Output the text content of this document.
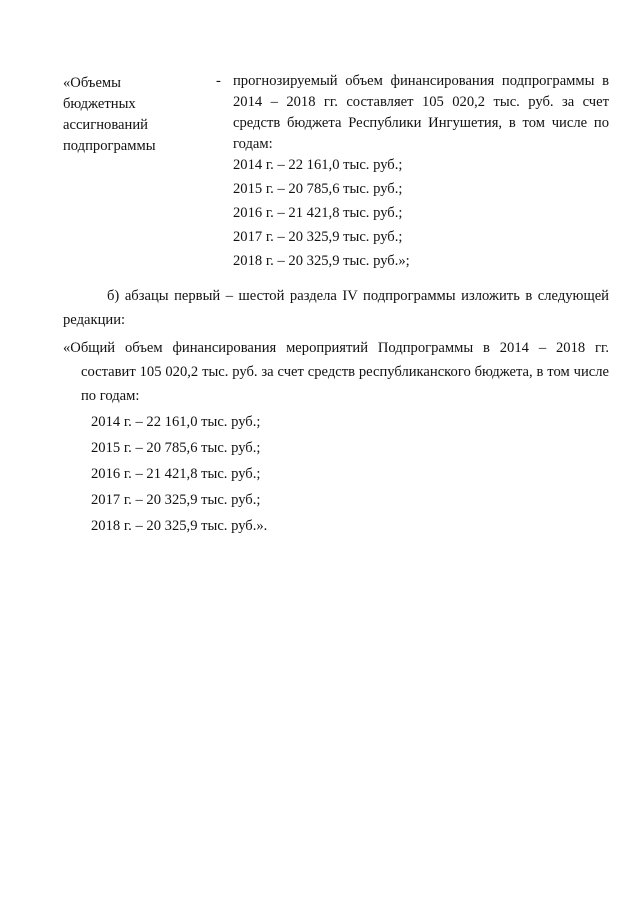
«Объемы
бюджетных
ассигнований
подпрограммы
- прогнозируемый объем финансирования подпрограммы в
2014 – 2018 гг. составляет 105 020,2 тыс. руб. за счет
средств бюджета Республики Ингушетия, в том числе по
годам:
2014 г. – 22 161,0 тыс. руб.;
2015 г. – 20 785,6 тыс. руб.;
2016 г. – 21 421,8 тыс. руб.;
2017 г. – 20 325,9 тыс. руб.;
2018 г. – 20 325,9 тыс. руб.»;
б) абзацы первый – шестой раздела IV подпрограммы изложить в следующей
редакции:
«Общий объем финансирования мероприятий Подпрограммы в 2014 – 2018 гг.
составит 105 020,2 тыс. руб. за счет средств республиканского бюджета, в том числе
по годам:
2014 г. – 22 161,0 тыс. руб.;
2015 г. – 20 785,6 тыс. руб.;
2016 г. – 21 421,8 тыс. руб.;
2017 г. – 20 325,9 тыс. руб.;
2018 г. – 20 325,9 тыс. руб.».
